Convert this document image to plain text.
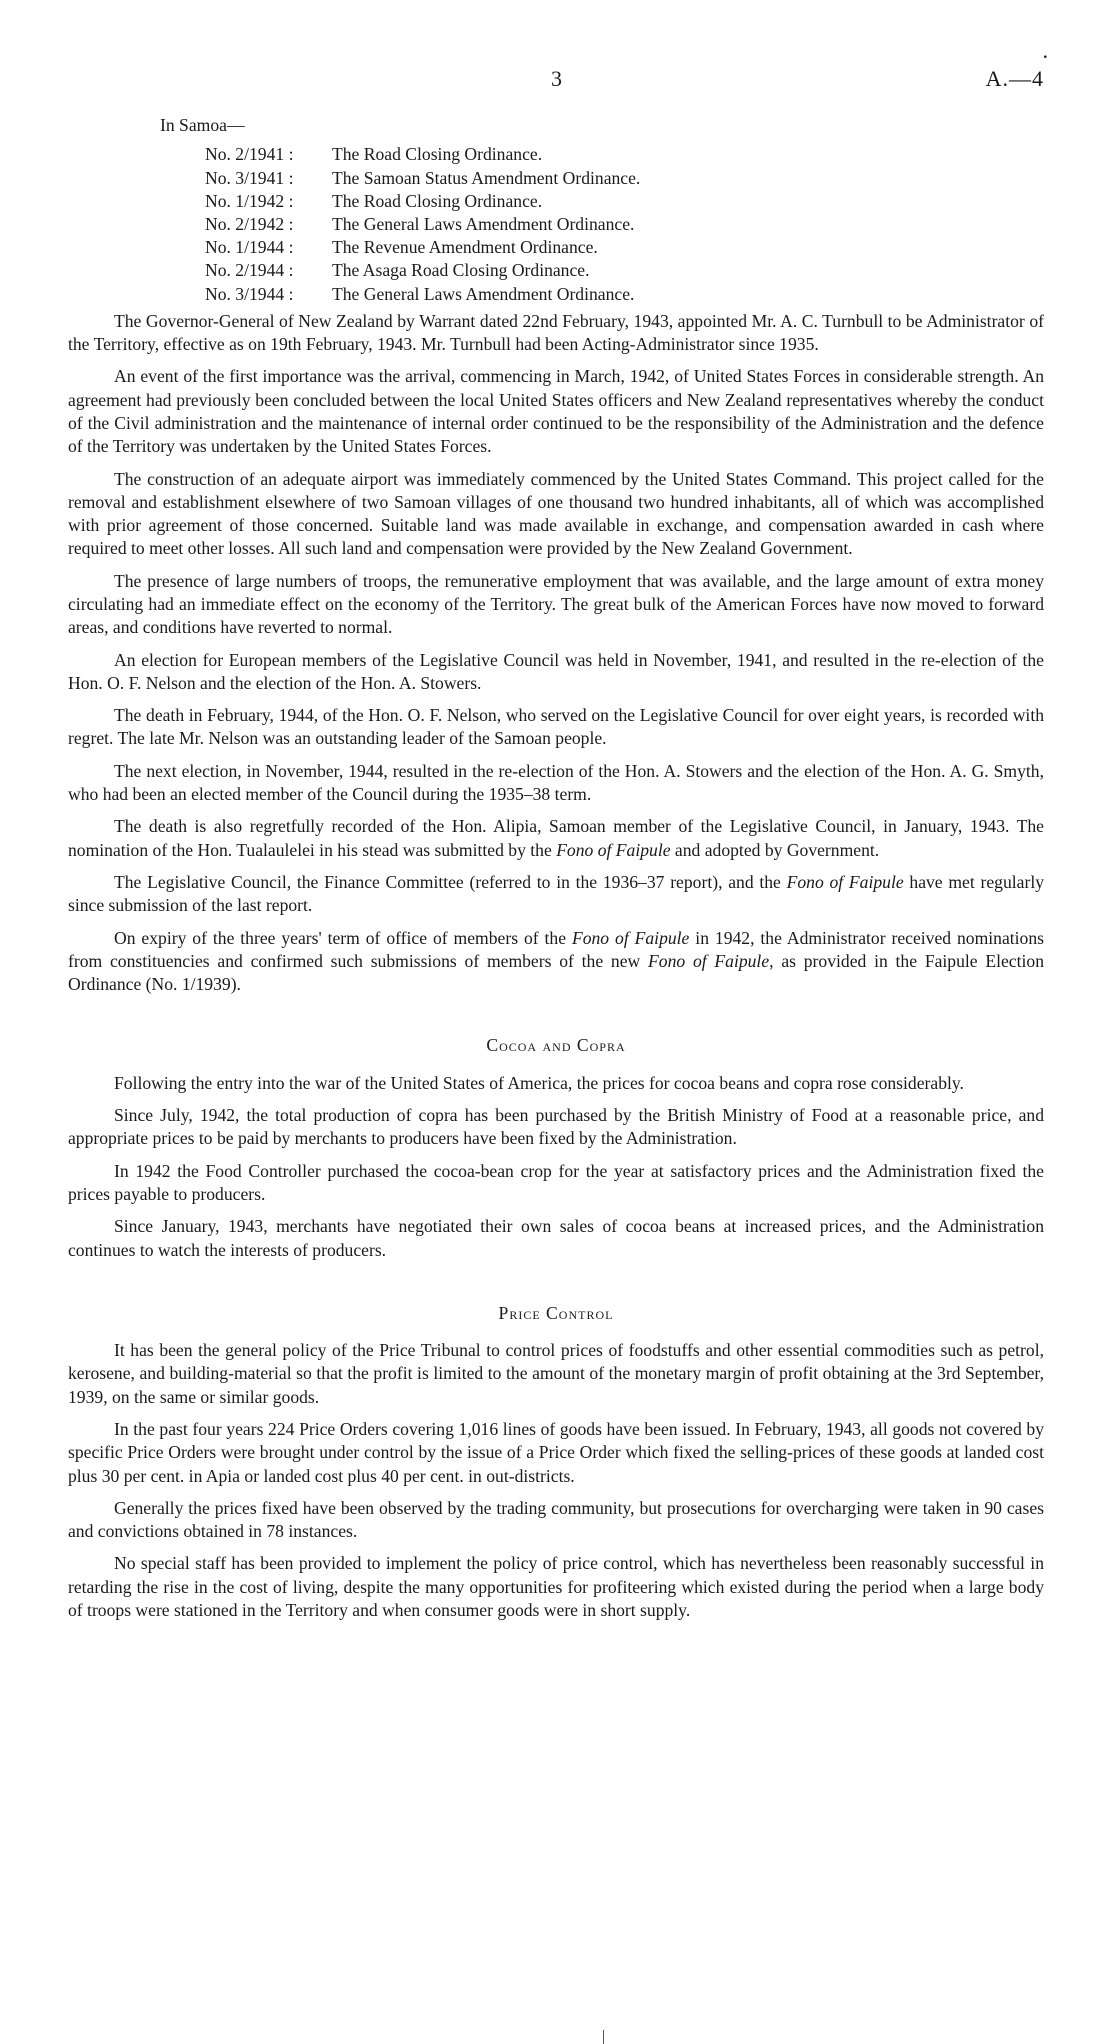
3
·	A.—4
In Samoa—
No. 2/1941 :	The Road Closing Ordinance.
No. 3/1941 :	The Samoan Status Amendment Ordinance.
No. 1/1942 :	The Road Closing Ordinance.
No. 2/1942 :	The General Laws Amendment Ordinance.
No. 1/1944 :	The Revenue Amendment Ordinance.
No. 2/1944 :	The Asaga Road Closing Ordinance.
No. 3/1944 :	The General Laws Amendment Ordinance.

The Governor-General of New Zealand by Warrant dated 22nd February, 1943, appointed Mr. A. C. Turnbull to be Administrator of the Territory, effective as on 19th February, 1943. Mr. Turnbull had been Acting-Administrator since 1935.

An event of the first importance was the arrival, commencing in March, 1942, of United States Forces in considerable strength. An agreement had previously been concluded between the local United States officers and New Zealand representatives whereby the conduct of the Civil administration and the maintenance of internal order continued to be the responsibility of the Administration and the defence of the Territory was undertaken by the United States Forces.

The construction of an adequate airport was immediately commenced by the United States Command. This project called for the removal and establishment elsewhere of two Samoan villages of one thousand two hundred inhabitants, all of which was accomplished with prior agreement of those concerned. Suitable land was made available in exchange, and compensation awarded in cash where required to meet other losses. All such land and compensation were provided by the New Zealand Government.

The presence of large numbers of troops, the remunerative employment that was available, and the large amount of extra money circulating had an immediate effect on the economy of the Territory. The great bulk of the American Forces have now moved to forward areas, and conditions have reverted to normal.

An election for European members of the Legislative Council was held in November, 1941, and resulted in the re-election of the Hon. O. F. Nelson and the election of the Hon. A. Stowers.

The death in February, 1944, of the Hon. O. F. Nelson, who served on the Legislative Council for over eight years, is recorded with regret. The late Mr. Nelson was an outstanding leader of the Samoan people.

The next election, in November, 1944, resulted in the re-election of the Hon. A. Stowers and the election of the Hon. A. G. Smyth, who had been an elected member of the Council during the 1935–38 term.

The death is also regretfully recorded of the Hon. Alipia, Samoan member of the Legislative Council, in January, 1943. The nomination of the Hon. Tualaulelei in his stead was submitted by the Fono of Faipule and adopted by Government.

The Legislative Council, the Finance Committee (referred to in the 1936–37 report), and the Fono of Faipule have met regularly since submission of the last report.

On expiry of the three years' term of office of members of the Fono of Faipule in 1942, the Administrator received nominations from constituencies and confirmed such submissions of members of the new Fono of Faipule, as provided in the Faipule Election Ordinance (No. 1/1939).

Cocoa and Copra

Following the entry into the war of the United States of America, the prices for cocoa beans and copra rose considerably.

Since July, 1942, the total production of copra has been purchased by the British Ministry of Food at a reasonable price, and appropriate prices to be paid by merchants to producers have been fixed by the Administration.

In 1942 the Food Controller purchased the cocoa-bean crop for the year at satisfactory prices and the Administration fixed the prices payable to producers.

Since January, 1943, merchants have negotiated their own sales of cocoa beans at increased prices, and the Administration continues to watch the interests of producers.

Price Control

It has been the general policy of the Price Tribunal to control prices of foodstuffs and other essential commodities such as petrol, kerosene, and building-material so that the profit is limited to the amount of the monetary margin of profit obtaining at the 3rd September, 1939, on the same or similar goods.

In the past four years 224 Price Orders covering 1,016 lines of goods have been issued. In February, 1943, all goods not covered by specific Price Orders were brought under control by the issue of a Price Order which fixed the selling-prices of these goods at landed cost plus 30 per cent. in Apia or landed cost plus 40 per cent. in out-districts.

Generally the prices fixed have been observed by the trading community, but prosecutions for overcharging were taken in 90 cases and convictions obtained in 78 instances.

No special staff has been provided to implement the policy of price control, which has nevertheless been reasonably successful in retarding the rise in the cost of living, despite the many opportunities for profiteering which existed during the period when a large body of troops were stationed in the Territory and when consumer goods were in short supply.
